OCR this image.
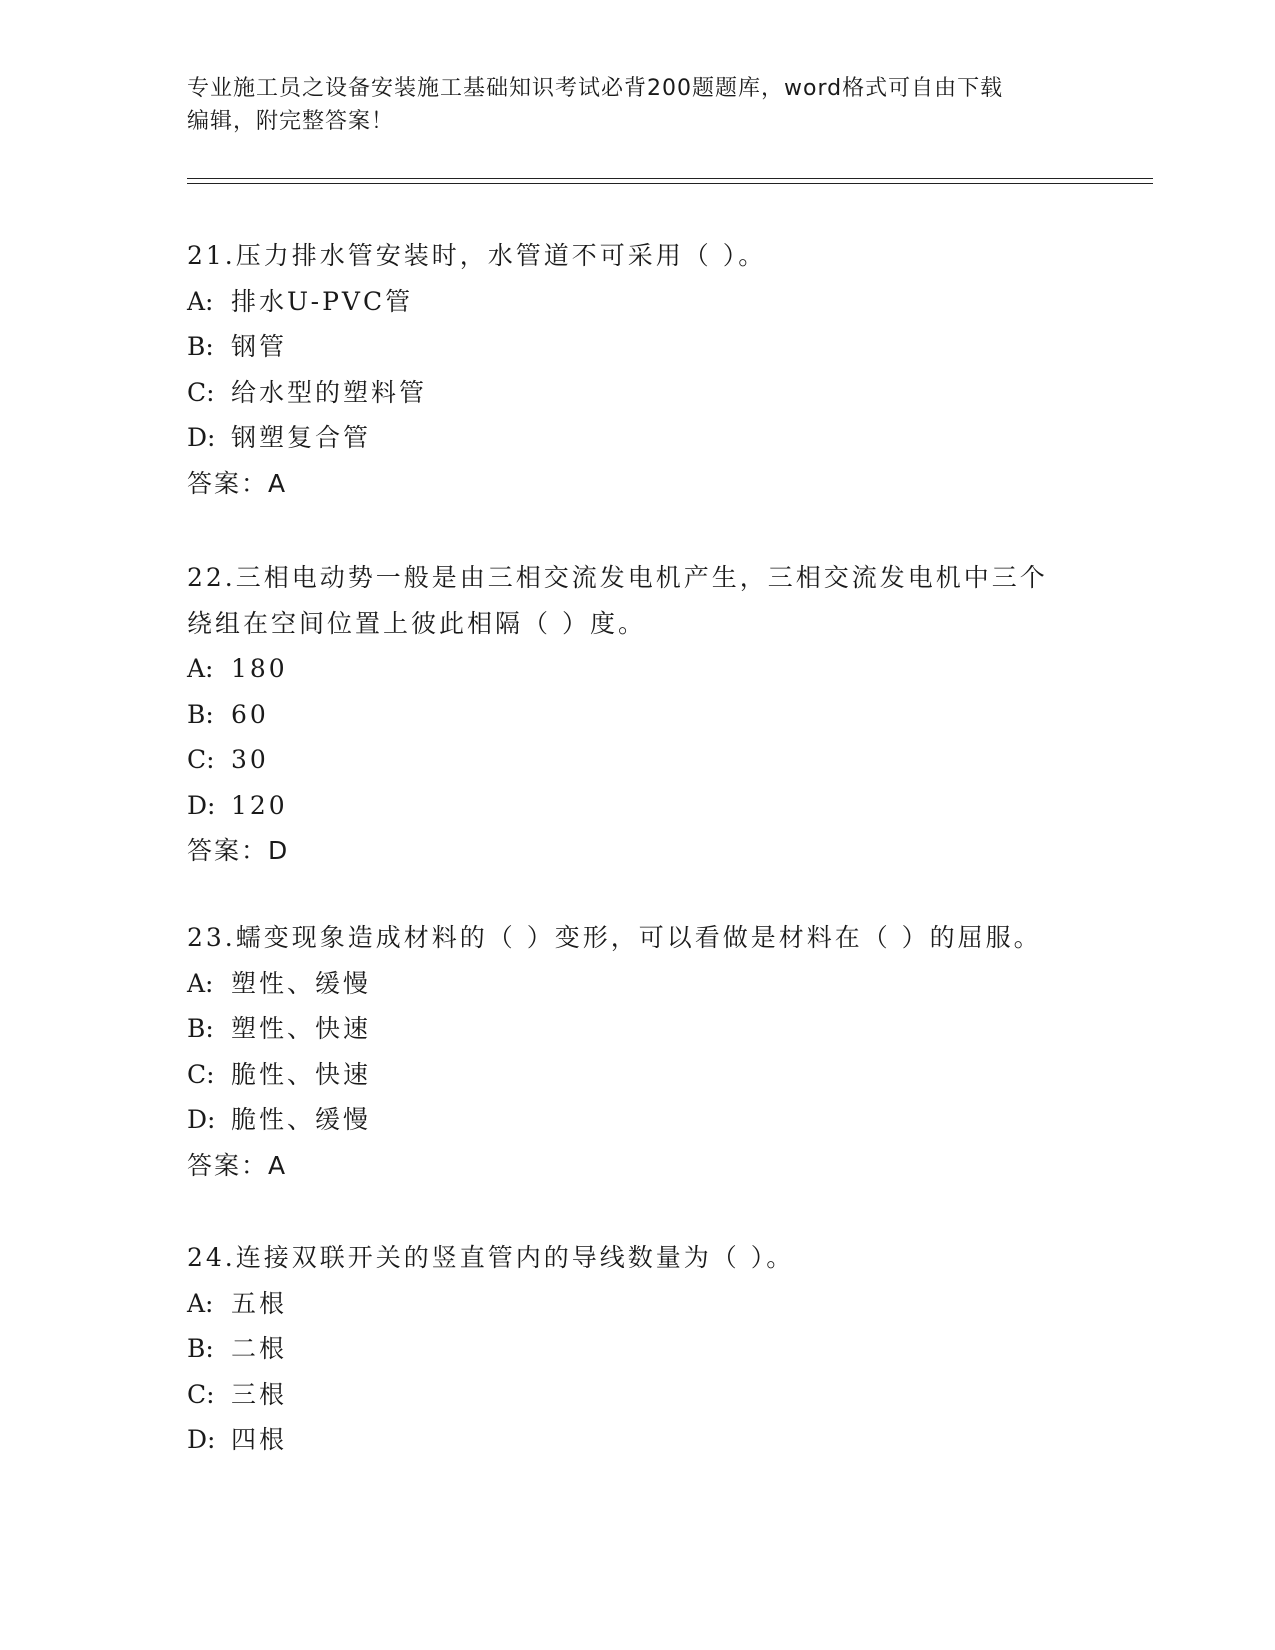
专业施工员之设备安装施工基础知识考试必背200题题库，word格式可自由下载
编辑，附完整答案！
21.压力排水管安装时，水管道不可采用（ ）。
A: 排水U-PVC管
B: 钢管
C: 给水型的塑料管
D: 钢塑复合管
答案：A
22.三相电动势一般是由三相交流发电机产生，三相交流发电机中三个
绕组在空间位置上彼此相隔（ ）度。
A: 180
B: 60
C: 30
D: 120
答案：D
23.蠕变现象造成材料的（ ）变形，可以看做是材料在（ ）的屈服。
A: 塑性、缓慢
B: 塑性、快速
C: 脆性、快速
D: 脆性、缓慢
答案：A
24.连接双联开关的竖直管内的导线数量为（ ）。
A: 五根
B: 二根
C: 三根
D: 四根
